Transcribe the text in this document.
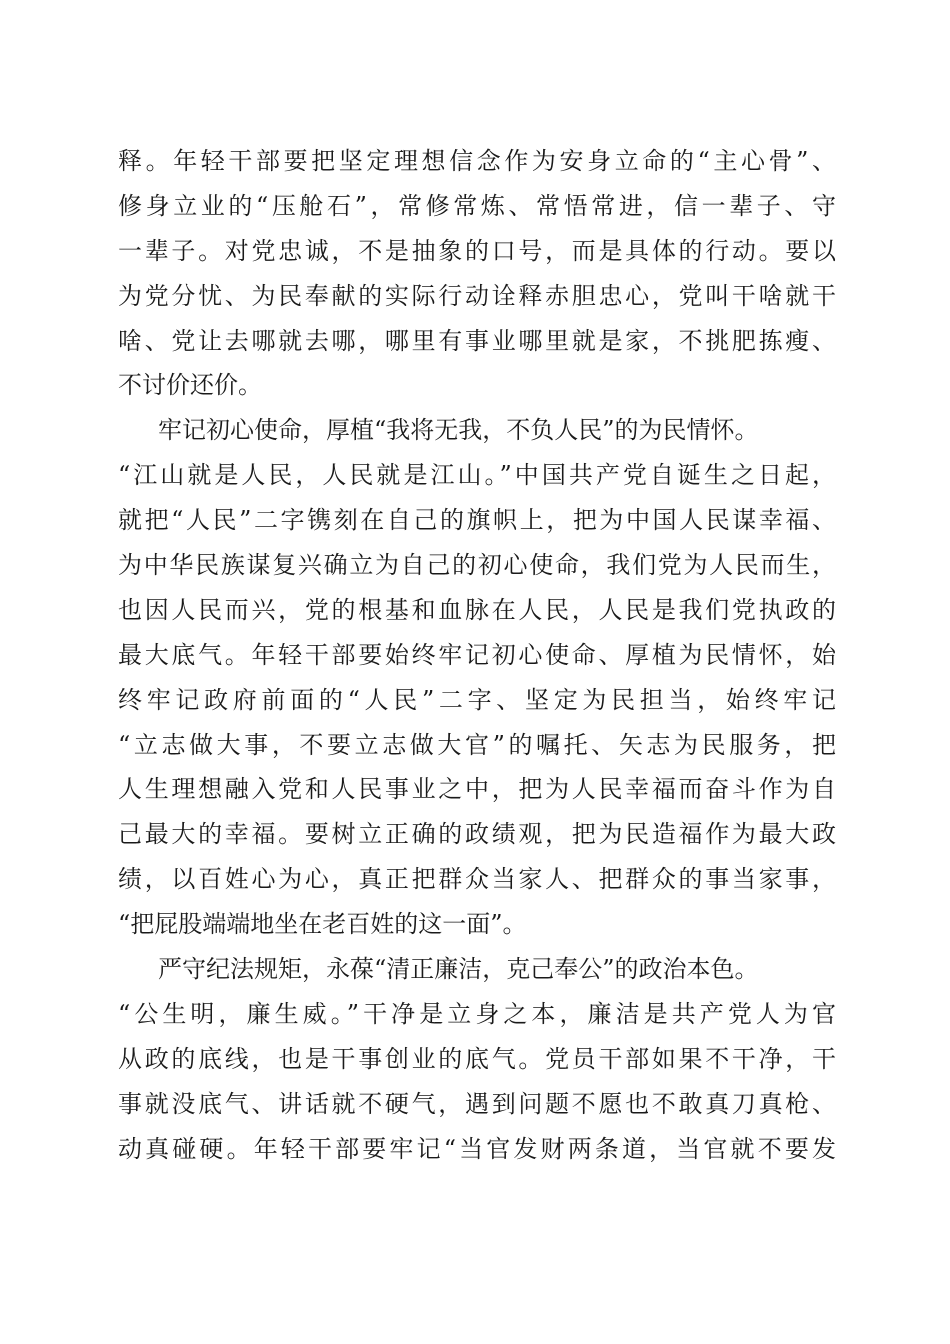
释。年轻干部要把坚定理想信念作为安身立命的“主心骨”、
修身立业的“压舱石”，常修常炼、常悟常进，信一辈子、守
一辈子。对党忠诚，不是抽象的口号，而是具体的行动。要以
为党分忧、为民奉献的实际行动诠释赤胆忠心，党叫干啥就干
啥、党让去哪就去哪，哪里有事业哪里就是家，不挑肥拣瘦、
不讨价还价。
牢记初心使命，厚植“我将无我，不负人民”的为民情怀。
“江山就是人民，人民就是江山。”中国共产党自诞生之日起，
就把“人民”二字镌刻在自己的旗帜上，把为中国人民谋幸福、
为中华民族谋复兴确立为自己的初心使命，我们党为人民而生，
也因人民而兴，党的根基和血脉在人民，人民是我们党执政的
最大底气。年轻干部要始终牢记初心使命、厚植为民情怀，始
终牢记政府前面的“人民”二字、坚定为民担当，始终牢记
“立志做大事，不要立志做大官”的嘱托、矢志为民服务，把
人生理想融入党和人民事业之中，把为人民幸福而奋斗作为自
己最大的幸福。要树立正确的政绩观，把为民造福作为最大政
绩，以百姓心为心，真正把群众当家人、把群众的事当家事，
“把屁股端端地坐在老百姓的这一面”。
严守纪法规矩，永葆“清正廉洁，克己奉公”的政治本色。
“公生明，廉生威。”干净是立身之本，廉洁是共产党人为官
从政的底线，也是干事创业的底气。党员干部如果不干净，干
事就没底气、讲话就不硬气，遇到问题不愿也不敢真刀真枪、
动真碰硬。年轻干部要牢记“当官发财两条道，当官就不要发
